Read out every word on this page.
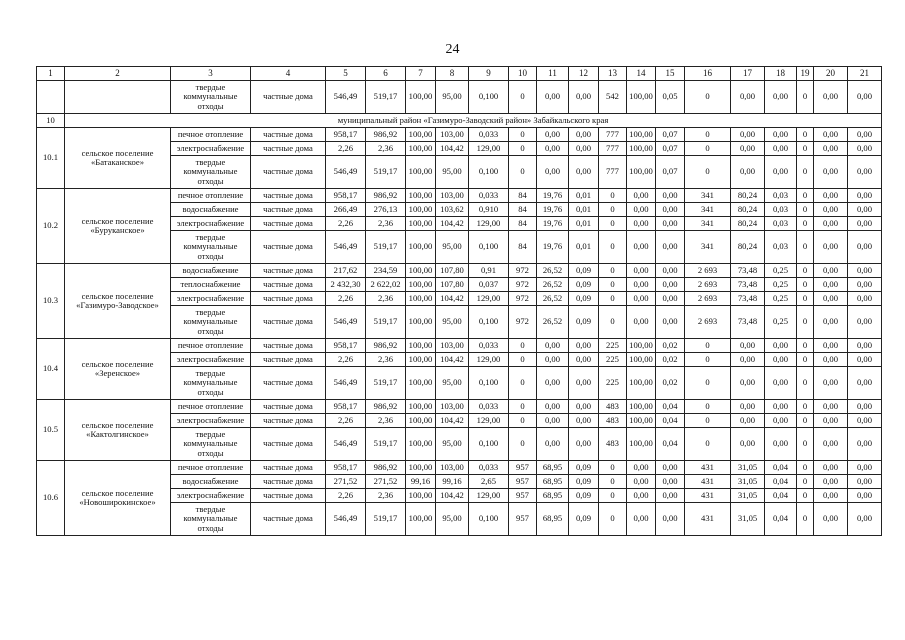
24
1	2	3	4	5	6	7	8	9	10	11	12	13	14	15	16	17	18	19	20	21
		твердые коммунальные отходы	частные дома	546,49	519,17	100,00	95,00	0,100	0	0,00	0,00	542	100,00	0,05	0	0,00	0,00	0	0,00	0,00
10	муниципальный район «Газимуро-Заводский район» Забайкальского края																			
10.1	сельское поселение «Батаканское»	печное отопление	частные дома	958,17	986,92	100,00	103,00	0,033	0	0,00	0,00	777	100,00	0,07	0	0,00	0,00	0	0,00	0,00
		электроснабжение	частные дома	2,26	2,36	100,00	104,42	129,00	0	0,00	0,00	777	100,00	0,07	0	0,00	0,00	0	0,00	0,00
		твердые коммунальные отходы	частные дома	546,49	519,17	100,00	95,00	0,100	0	0,00	0,00	777	100,00	0,07	0	0,00	0,00	0	0,00	0,00
10.2	сельское поселение «Буруканское»	печное отопление	частные дома	958,17	986,92	100,00	103,00	0,033	84	19,76	0,01	0	0,00	0,00	341	80,24	0,03	0	0,00	0,00
		водоснабжение	частные дома	266,49	276,13	100,00	103,62	0,910	84	19,76	0,01	0	0,00	0,00	341	80,24	0,03	0	0,00	0,00
		электроснабжение	частные дома	2,26	2,36	100,00	104,42	129,00	84	19,76	0,01	0	0,00	0,00	341	80,24	0,03	0	0,00	0,00
		твердые коммунальные отходы	частные дома	546,49	519,17	100,00	95,00	0,100	84	19,76	0,01	0	0,00	0,00	341	80,24	0,03	0	0,00	0,00
10.3	сельское поселение «Газимуро-Заводское»	водоснабжение	частные дома	217,62	234,59	100,00	107,80	0,91	972	26,52	0,09	0	0,00	0,00	2 693	73,48	0,25	0	0,00	0,00
		теплоснабжение	частные дома	2 432,30	2 622,02	100,00	107,80	0,037	972	26,52	0,09	0	0,00	0,00	2 693	73,48	0,25	0	0,00	0,00
		электроснабжение	частные дома	2,26	2,36	100,00	104,42	129,00	972	26,52	0,09	0	0,00	0,00	2 693	73,48	0,25	0	0,00	0,00
		твердые коммунальные отходы	частные дома	546,49	519,17	100,00	95,00	0,100	972	26,52	0,09	0	0,00	0,00	2 693	73,48	0,25	0	0,00	0,00
10.4	сельское поселение «Зеренское»	печное отопление	частные дома	958,17	986,92	100,00	103,00	0,033	0	0,00	0,00	225	100,00	0,02	0	0,00	0,00	0	0,00	0,00
		электроснабжение	частные дома	2,26	2,36	100,00	104,42	129,00	0	0,00	0,00	225	100,00	0,02	0	0,00	0,00	0	0,00	0,00
		твердые коммунальные отходы	частные дома	546,49	519,17	100,00	95,00	0,100	0	0,00	0,00	225	100,00	0,02	0	0,00	0,00	0	0,00	0,00
10.5	сельское поселение «Кактолгинское»	печное отопление	частные дома	958,17	986,92	100,00	103,00	0,033	0	0,00	0,00	483	100,00	0,04	0	0,00	0,00	0	0,00	0,00
		электроснабжение	частные дома	2,26	2,36	100,00	104,42	129,00	0	0,00	0,00	483	100,00	0,04	0	0,00	0,00	0	0,00	0,00
		твердые коммунальные отходы	частные дома	546,49	519,17	100,00	95,00	0,100	0	0,00	0,00	483	100,00	0,04	0	0,00	0,00	0	0,00	0,00
10.6	сельское поселение «Новоширокинское»	печное отопление	частные дома	958,17	986,92	100,00	103,00	0,033	957	68,95	0,09	0	0,00	0,00	431	31,05	0,04	0	0,00	0,00
		водоснабжение	частные дома	271,52	271,52	99,16	99,16	2,65	957	68,95	0,09	0	0,00	0,00	431	31,05	0,04	0	0,00	0,00
		электроснабжение	частные дома	2,26	2,36	100,00	104,42	129,00	957	68,95	0,09	0	0,00	0,00	431	31,05	0,04	0	0,00	0,00
		твердые коммунальные отходы	частные дома	546,49	519,17	100,00	95,00	0,100	957	68,95	0,09	0	0,00	0,00	431	31,05	0,04	0	0,00	0,00
